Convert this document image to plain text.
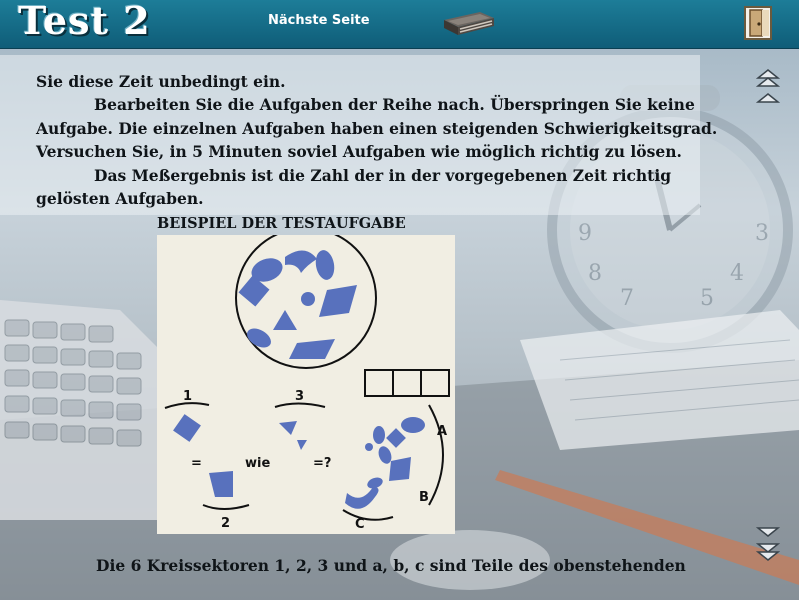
3
4
5
7
8
9
Test 2	Nächste Seite

Sie diese Zeit unbedingt ein.

Bearbeiten Sie die Aufgaben der Reihe nach. Überspringen Sie keine Aufgabe. Die einzelnen Aufgaben haben einen steigenden Schwierigkeitsgrad. Versuchen Sie, in 5 Minuten soviel Aufgaben wie möglich richtig zu lösen.

Das Meßergebnis ist die Zahl der in der vorgegebenen Zeit richtig gelösten Aufgaben.

BEISPIEL DER TESTAUFGABE
1
=	wie
2
3
=?
A
B
C
Die 6 Kreissektoren 1, 2, 3 und a, b, c sind Teile des obenstehenden
